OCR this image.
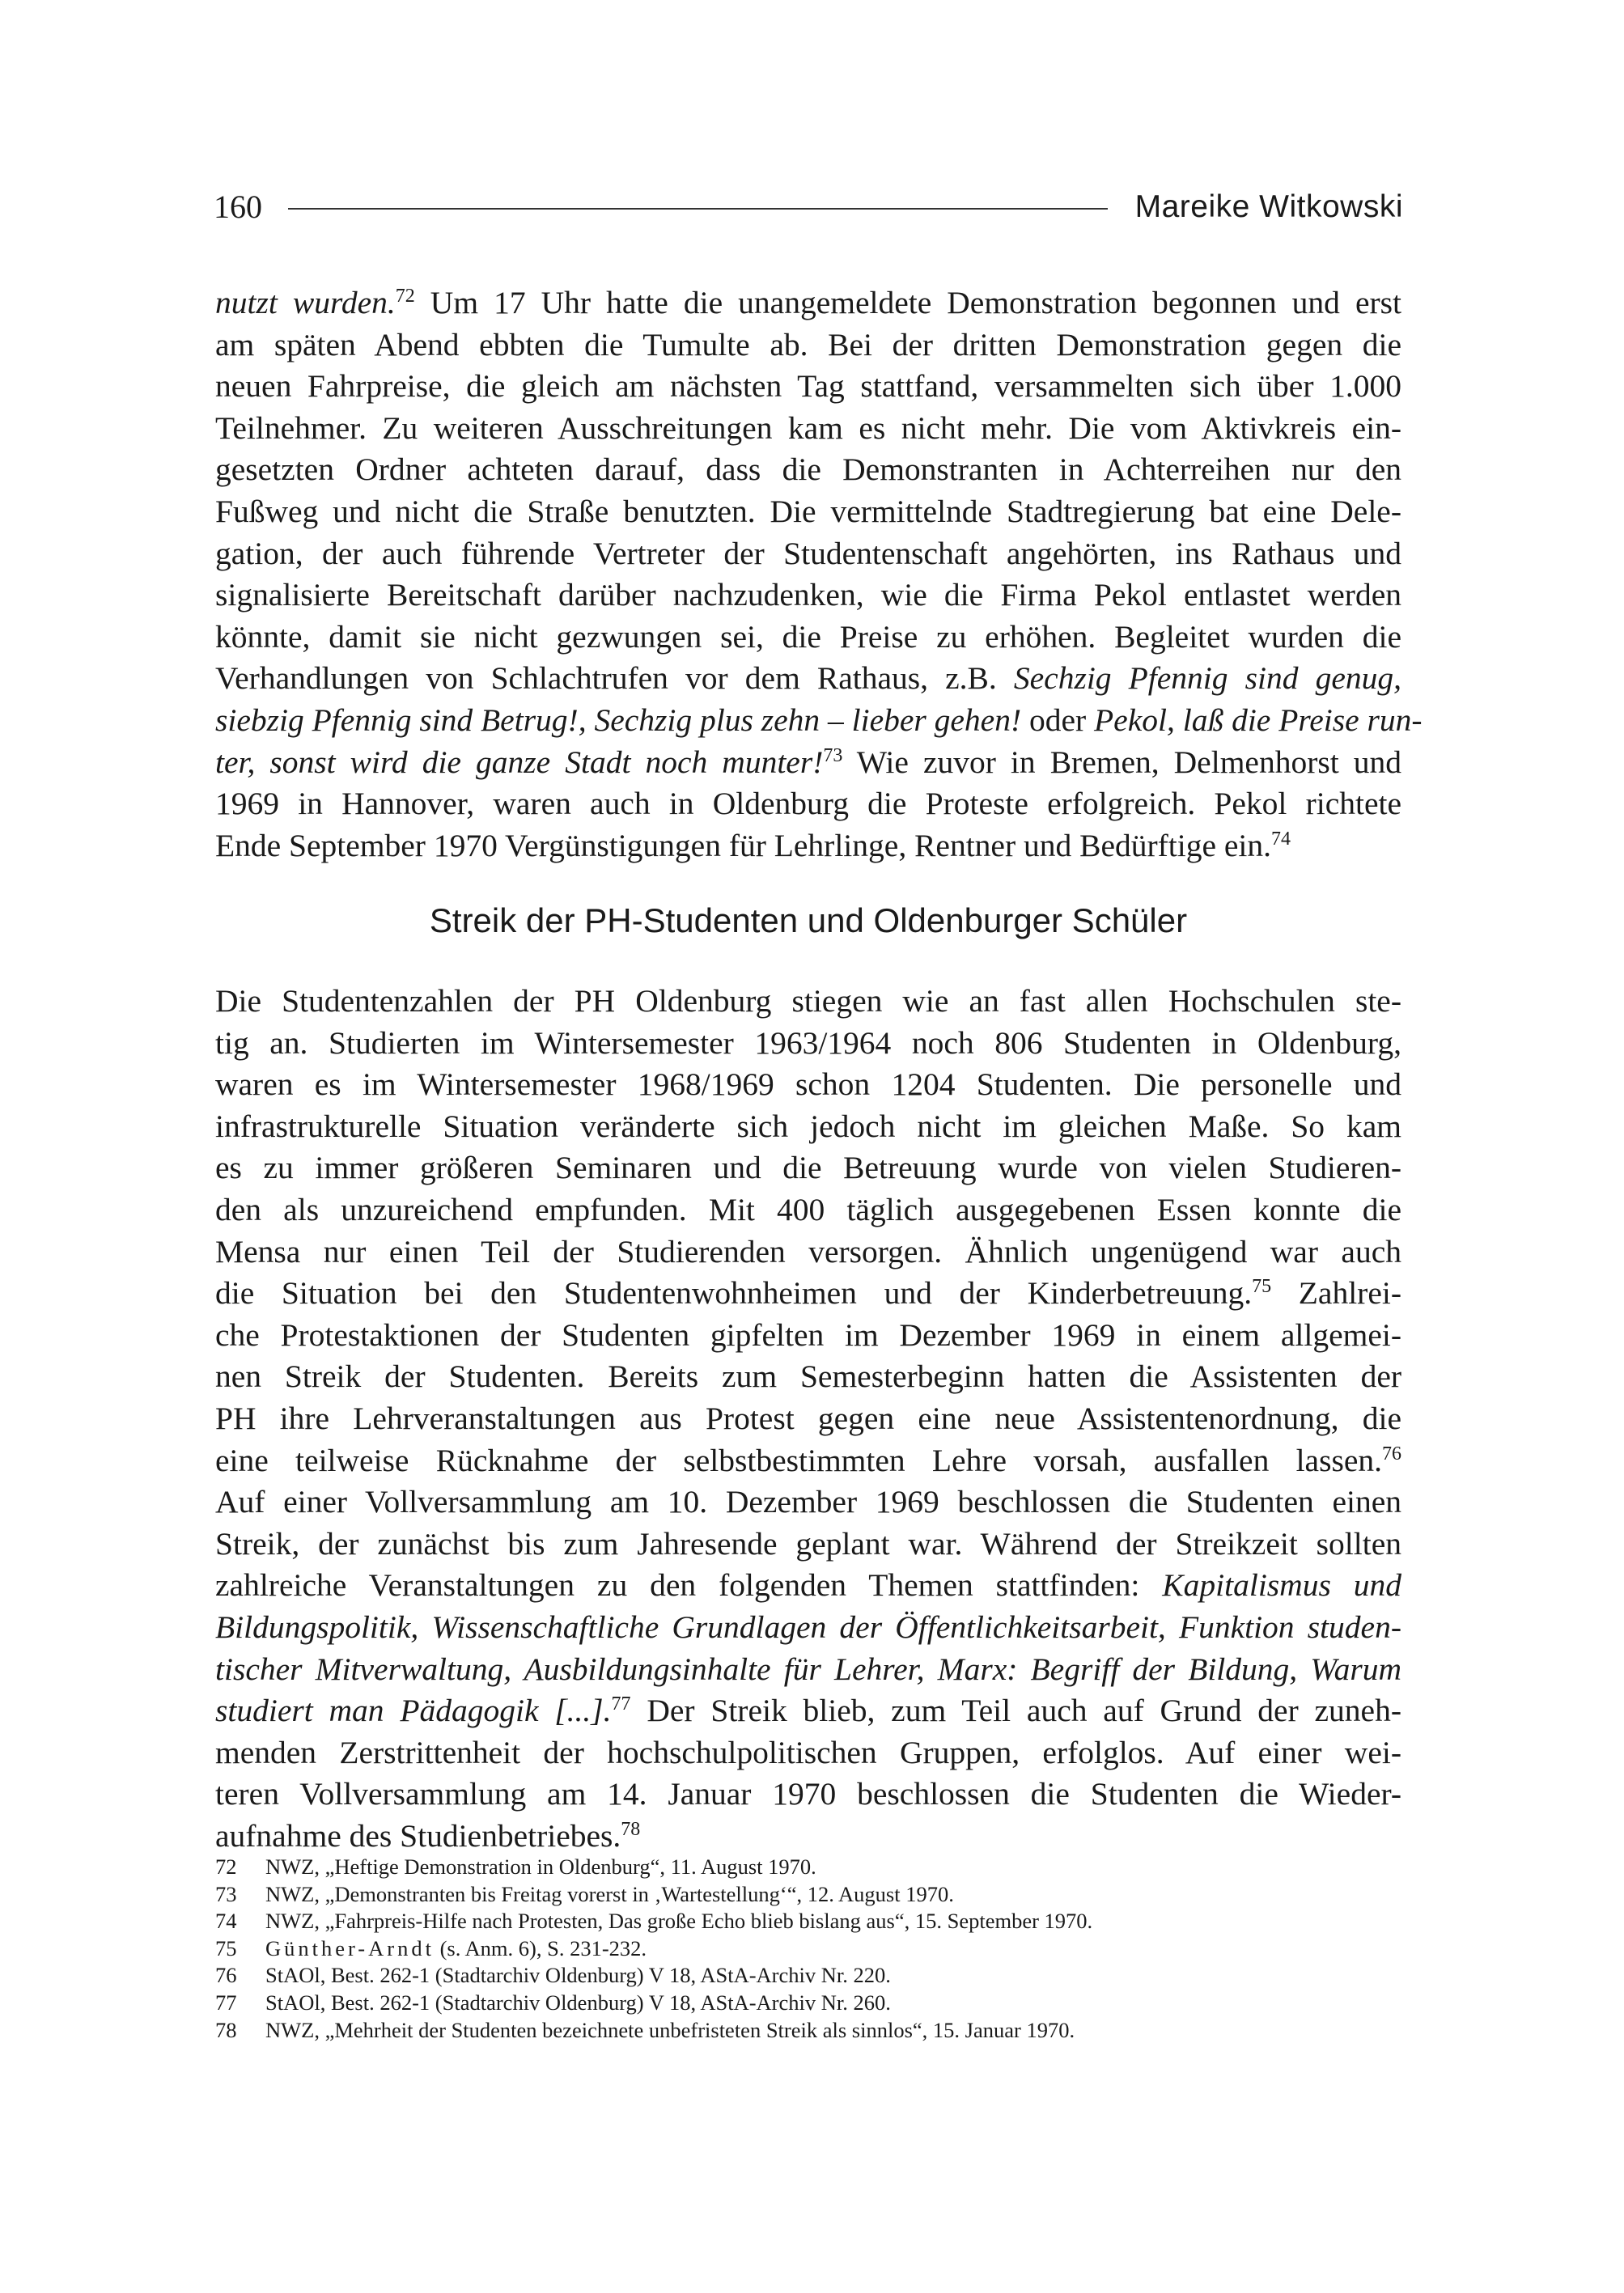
160	Mareike Witkowski
nutzt wurden.$^{72}$ Um 17 Uhr hatte die unangemeldete Demonstration begonnen und erst
am späten Abend ebbten die Tumulte ab. Bei der dritten Demonstration gegen die
neuen Fahrpreise, die gleich am nächsten Tag stattfand, versammelten sich über 1.000
Teilnehmer. Zu weiteren Ausschreitungen kam es nicht mehr. Die vom Aktivkreis ein-
gesetzten Ordner achteten darauf, dass die Demonstranten in Achterreihen nur den
Fußweg und nicht die Straße benutzten. Die vermittelnde Stadtregierung bat eine Dele-
gation, der auch führende Vertreter der Studentenschaft angehörten, ins Rathaus und
signalisierte Bereitschaft darüber nachzudenken, wie die Firma Pekol entlastet werden
könnte, damit sie nicht gezwungen sei, die Preise zu erhöhen. Begleitet wurden die
Verhandlungen von Schlachtrufen vor dem Rathaus, z.B. Sechzig Pfennig sind genug,
siebzig Pfennig sind Betrug!, Sechzig plus zehn – lieber gehen! oder Pekol, laß die Preise run-
ter, sonst wird die ganze Stadt noch munter!$^{73}$ Wie zuvor in Bremen, Delmenhorst und
1969 in Hannover, waren auch in Oldenburg die Proteste erfolgreich. Pekol richtete
Ende September 1970 Vergünstigungen für Lehrlinge, Rentner und Bedürftige ein.$^{74}$
Streik der PH-Studenten und Oldenburger Schüler
Die Studentenzahlen der PH Oldenburg stiegen wie an fast allen Hochschulen ste-
tig an. Studierten im Wintersemester 1963/1964 noch 806 Studenten in Oldenburg,
waren es im Wintersemester 1968/1969 schon 1204 Studenten. Die personelle und
infrastrukturelle Situation veränderte sich jedoch nicht im gleichen Maße. So kam
es zu immer größeren Seminaren und die Betreuung wurde von vielen Studieren-
den als unzureichend empfunden. Mit 400 täglich ausgegebenen Essen konnte die
Mensa nur einen Teil der Studierenden versorgen. Ähnlich ungenügend war auch
die Situation bei den Studentenwohnheimen und der Kinderbetreuung.$^{75}$ Zahlrei-
che Protestaktionen der Studenten gipfelten im Dezember 1969 in einem allgemei-
nen Streik der Studenten. Bereits zum Semesterbeginn hatten die Assistenten der
PH ihre Lehrveranstaltungen aus Protest gegen eine neue Assistentenordnung, die
eine teilweise Rücknahme der selbstbestimmten Lehre vorsah, ausfallen lassen.$^{76}$
Auf einer Vollversammlung am 10. Dezember 1969 beschlossen die Studenten einen
Streik, der zunächst bis zum Jahresende geplant war. Während der Streikzeit sollten
zahlreiche Veranstaltungen zu den folgenden Themen stattfinden: Kapitalismus und
Bildungspolitik, Wissenschaftliche Grundlagen der Öffentlichkeitsarbeit, Funktion studen-
tischer Mitverwaltung, Ausbildungsinhalte für Lehrer, Marx: Begriff der Bildung, Warum
studiert man Pädagogik [...].$^{77}$ Der Streik blieb, zum Teil auch auf Grund der zuneh-
menden Zerstrittenheit der hochschulpolitischen Gruppen, erfolglos. Auf einer wei-
teren Vollversammlung am 14. Januar 1970 beschlossen die Studenten die Wieder-
aufnahme des Studienbetriebes.$^{78}$
72	NWZ, „Heftige Demonstration in Oldenburg“, 11. August 1970.
73	NWZ, „Demonstranten bis Freitag vorerst in ‚Wartestellung‘“, 12. August 1970.
74	NWZ, „Fahrpreis-Hilfe nach Protesten, Das große Echo blieb bislang aus“, 15. September 1970.
75	Günther-Arndt (s. Anm. 6), S. 231-232.
76	StAOl, Best. 262-1 (Stadtarchiv Oldenburg) V 18, AStA-Archiv Nr. 220.
77	StAOl, Best. 262-1 (Stadtarchiv Oldenburg) V 18, AStA-Archiv Nr. 260.
78	NWZ, „Mehrheit der Studenten bezeichnete unbefristeten Streik als sinnlos“, 15. Januar 1970.
